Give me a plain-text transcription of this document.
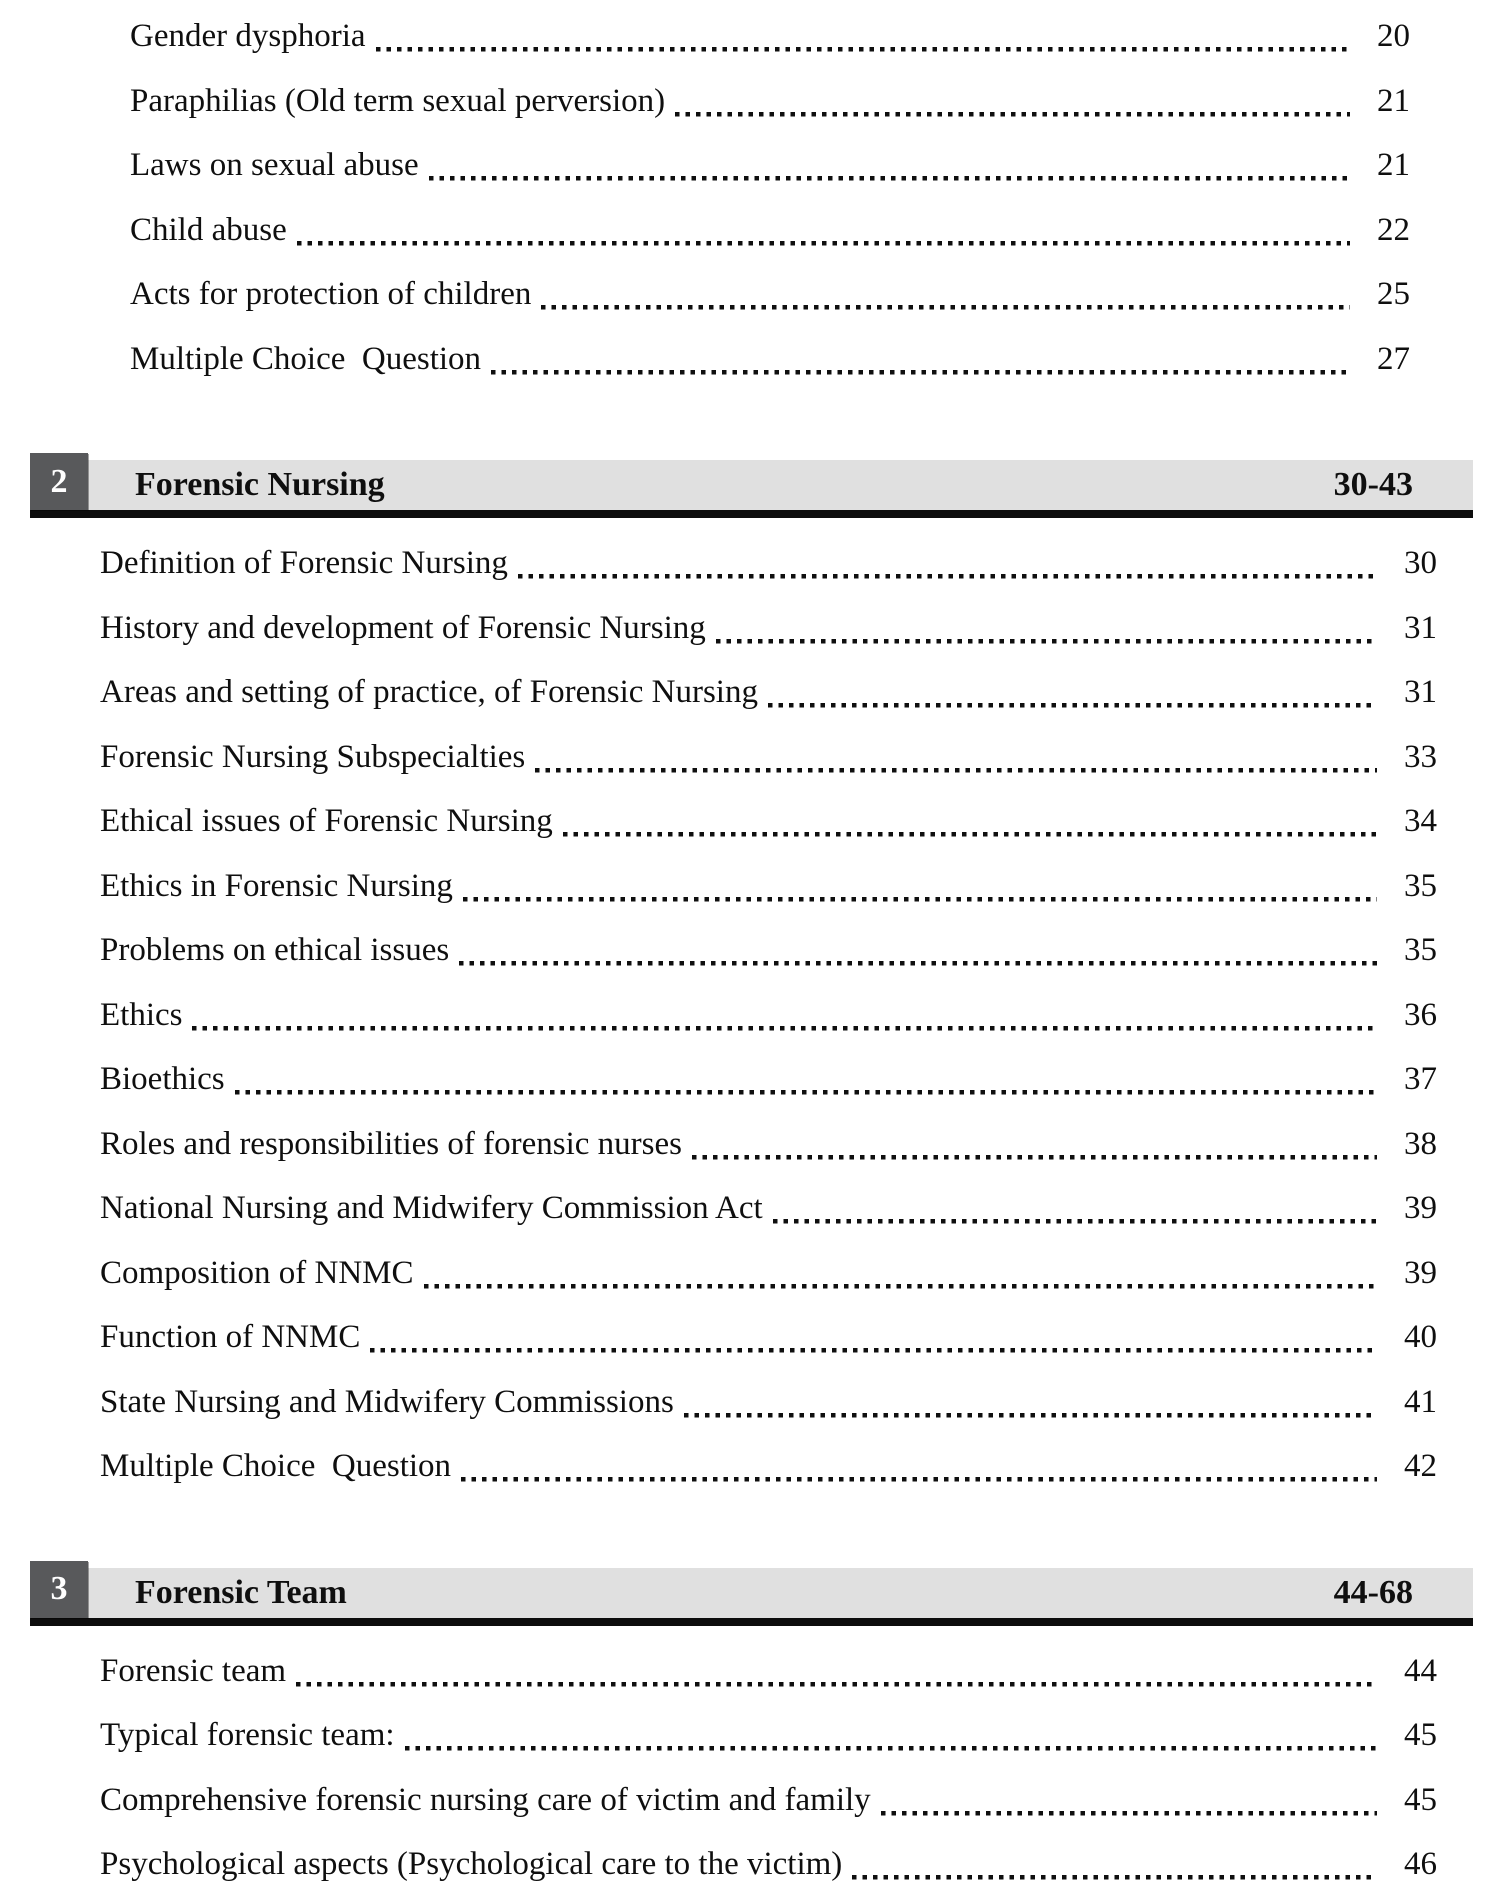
Gender dysphoria	20
Paraphilias (Old term sexual perversion)	21
Laws on sexual abuse	21
Child abuse	22
Acts for protection of children	25
Multiple Choice  Question	27
Forensic Nursing	30-43
2
Definition of Forensic Nursing	30
History and development of Forensic Nursing	31
Areas and setting of practice, of Forensic Nursing	31
Forensic Nursing Subspecialties	33
Ethical issues of Forensic Nursing	34
Ethics in Forensic Nursing	35
Problems on ethical issues	35
Ethics	36
Bioethics	37
Roles and responsibilities of forensic nurses	38
National Nursing and Midwifery Commission Act	39
Composition of NNMC	39
Function of NNMC	40
State Nursing and Midwifery Commissions	41
Multiple Choice  Question	42
Forensic Team	44-68
3
Forensic team	44
Typical forensic team:	45
Comprehensive forensic nursing care of victim and family	45
Psychological aspects (Psychological care to the victim)	46
